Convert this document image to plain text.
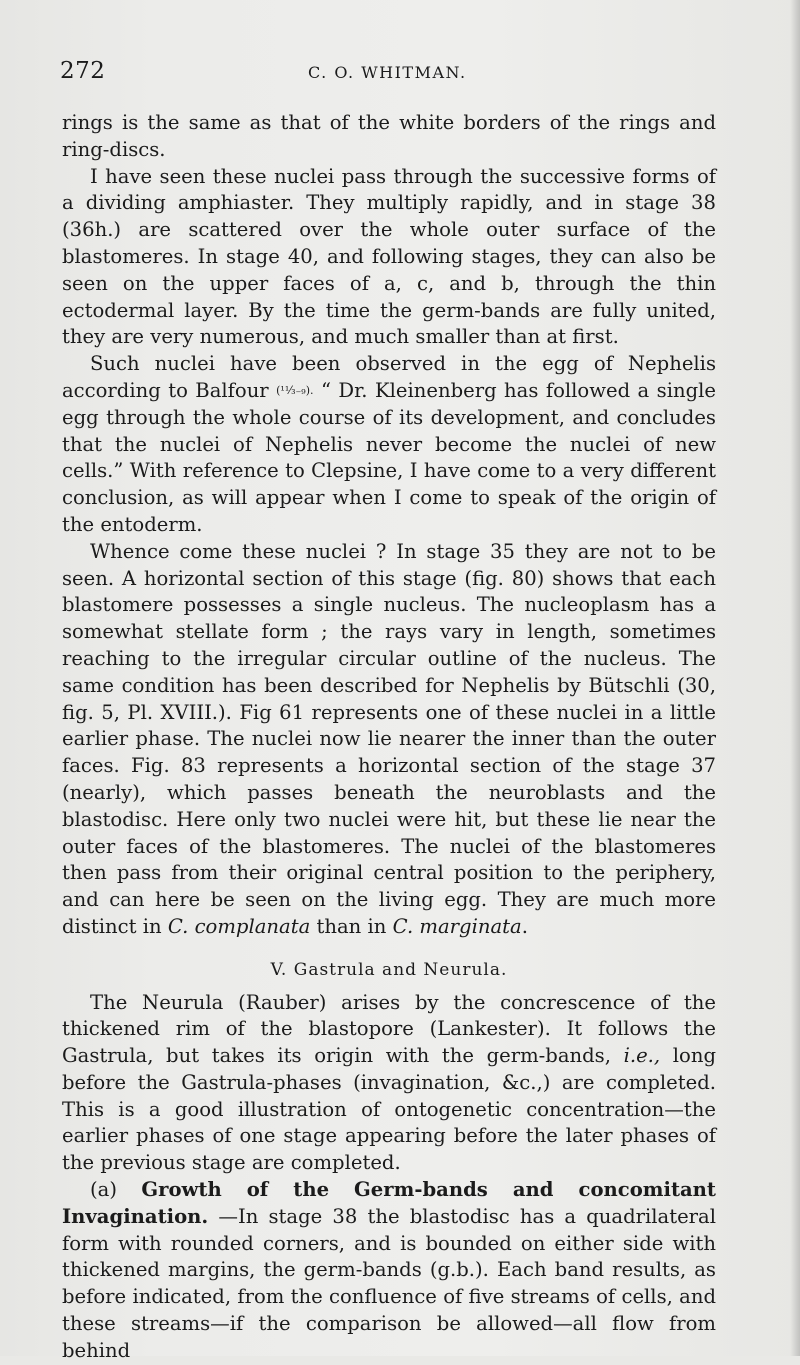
272	C. O. WHITMAN.

rings is the same as that of the white borders of the rings and ring-discs.

I have seen these nuclei pass through the successive forms of a dividing amphiaster. They multiply rapidly, and in stage 38 (36h.) are scattered over the whole outer surface of the blastomeres. In stage 40, and following stages, they can also be seen on the upper faces of a, c, and b, through the thin ectodermal layer. By the time the germ-bands are fully united, they are very numerous, and much smaller than at first.

Such nuclei have been observed in the egg of Nephelis according to Balfour (¹¹⁄₃₋₉). “ Dr. Kleinenberg has followed a single egg through the whole course of its development, and concludes that the nuclei of Nephelis never become the nuclei of new cells.” With reference to Clepsine, I have come to a very different conclusion, as will appear when I come to speak of the origin of the entoderm.

Whence come these nuclei ? In stage 35 they are not to be seen. A horizontal section of this stage (fig. 80) shows that each blastomere possesses a single nucleus. The nucleoplasm has a somewhat stellate form ; the rays vary in length, sometimes reaching to the irregular circular outline of the nucleus. The same condition has been described for Nephelis by Bütschli (30, fig. 5, Pl. XVIII.). Fig 61 represents one of these nuclei in a little earlier phase. The nuclei now lie nearer the inner than the outer faces. Fig. 83 represents a horizontal section of the stage 37 (nearly), which passes beneath the neuroblasts and the blastodisc. Here only two nuclei were hit, but these lie near the outer faces of the blastomeres. The nuclei of the blastomeres then pass from their original central position to the periphery, and can here be seen on the living egg. They are much more distinct in C. complanata than in C. marginata.

V. Gastrula and Neurula.

The Neurula (Rauber) arises by the concrescence of the thickened rim of the blastopore (Lankester). It follows the Gastrula, but takes its origin with the germ-bands, i.e., long before the Gastrula-phases (invagination, &c.,) are completed. This is a good illustration of ontogenetic concentration—the earlier phases of one stage appearing before the later phases of the previous stage are completed.

(a) Growth of the Germ-bands and concomitant Invagination. —In stage 38 the blastodisc has a quadrilateral form with rounded corners, and is bounded on either side with thickened margins, the germ-bands (g.b.). Each band results, as before indicated, from the confluence of five streams of cells, and these streams—if the comparison be allowed—all flow from behind
